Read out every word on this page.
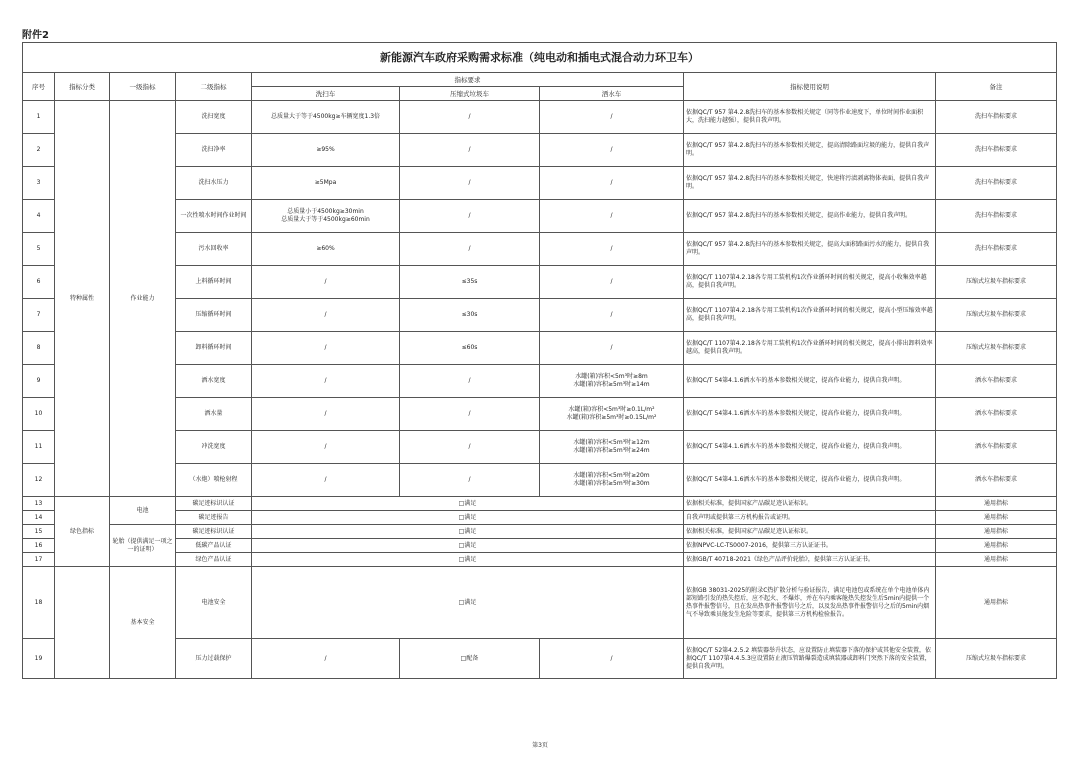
附件2
新能源汽车政府采购需求标准（纯电动和插电式混合动力环卫车）								
序号	指标分类	一级指标	二级指标	指标要求			指标使用说明	备注
				洗扫车	压缩式垃圾车	洒水车		
1	特种属性	作业能力	洗扫宽度	总质量大于等于4500kg≥车辆宽度1.3倍	/	/	依据QC/T 957 第4.2.8洗扫车的基本参数相关规定（同等作业速度下，单位时间作业面积大，洗扫能力越强），提供自我声明。	洗扫车指标要求
2			洗扫净率	≥95%	/	/	依据QC/T 957 第4.2.8洗扫车的基本参数相关规定，提高清除路面垃圾的能力，提供自我声明。	洗扫车指标要求
3			洗扫水压力	≥5Mpa	/	/	依据QC/T 957 第4.2.8洗扫车的基本参数相关规定，快速将污渍剥离物体表面，提供自我声明。	洗扫车指标要求
4			一次性喷水时间作业时间	总质量小于4500kg≥30min
总质量大于等于4500kg≥60min	/	/	依据QC/T 957 第4.2.8洗扫车的基本参数相关规定，提高作业能力，提供自我声明。	洗扫车指标要求
5			污水回收率	≥60%	/	/	依据QC/T 957 第4.2.8洗扫车的基本参数相关规定，提高大面积路面污水的能力，提供自我声明。	洗扫车指标要求
6			上料循环时间	/	≤35s	/	依据QC/T 1107第4.2.18各专用工装机构1次作业循环时间的相关规定，提高小收集效率越高，提供自我声明。	压缩式垃圾车指标要求
7			压缩循环时间	/	≤30s	/	依据QC/T 1107第4.2.18各专用工装机构1次作业循环时间的相关规定，提高小型压缩效率越高，提供自我声明。	压缩式垃圾车指标要求
8			卸料循环时间	/	≤60s	/	依据QC/T 1107第4.2.18各专用工装机构1次作业循环时间的相关规定，提高小排出卸料效率越高，提供自我声明。	压缩式垃圾车指标要求
9			洒水宽度	/	/	水罐(箱)容积<5m³时≥8m
水罐(箱)容积≥5m³时≥14m	依据QC/T 54第4.1.6洒水车的基本参数相关规定，提高作业能力，提供自我声明。	洒水车指标要求
10			洒水量	/	/	水罐(箱)容积<5m³时≥0.1L/m²
水罐(箱)容积≥5m³时≥0.15L/m²	依据QC/T 54第4.1.6洒水车的基本参数相关规定，提高作业能力，提供自我声明。	洒水车指标要求
11			冲洗宽度	/	/	水罐(箱)容积<5m³时≥12m
水罐(箱)容积≥5m³时≥24m	依据QC/T 54第4.1.6洒水车的基本参数相关规定，提高作业能力，提供自我声明。	洒水车指标要求
12			（水炮）喷枪射程	/	/	水罐(箱)容积<5m³时≥20m
水罐(箱)容积≥5m³时≥30m	依据QC/T 54第4.1.6洒水车的基本参数相关规定，提高作业能力，提供自我声明。	洒水车指标要求
13	绿色指标	电池	碳足迹标识认证	□满足			依据相关标准，提供国家产品碳足迹认证标识。	通用指标
14			碳足迹报告	□满足			自我声明或提供第三方机构报告或证明。	通用指标
15		轮胎（提供满足一项之一的证明）	碳足迹标识认证	□满足			依据相关标准，提供国家产品碳足迹认证标识。	通用指标
16			低碳产品认证	□满足			依据NPVC-LC-TS0007-2016，提供第三方认证证书。	通用指标
17			绿色产品认证	□满足			依据GB/T 40718-2021《绿色产品评价轮胎》，提供第三方认证证书。	通用指标
18		基本安全	电池安全	□满足			依据GB 38031-2025的附录C热扩散分析与验证报告，满足电池包或系统在单个电池单体内部短路引发的热失控后，应不起火、不爆炸，并在车内乘客舱热失控发生后5min内提供一个热事件报警信号，且在发出热事件报警信号之后，以及发出热事件报警信号之后的5min内烟气不导致乘员舱发生危险等要求，提供第三方机构检验报告。	通用指标
19			压力过载保护	/	□配备	/	依据QC/T 52第4.2.5.2 填装器举升状态，应设置防止填装器下落的保护或其他安全装置，依据QC/T 1107第4.4.5.3应设置防止液压管路爆裂造成填装器或卸料门突然下落的安全装置，提供自我声明。	压缩式垃圾车指标要求
第3页
